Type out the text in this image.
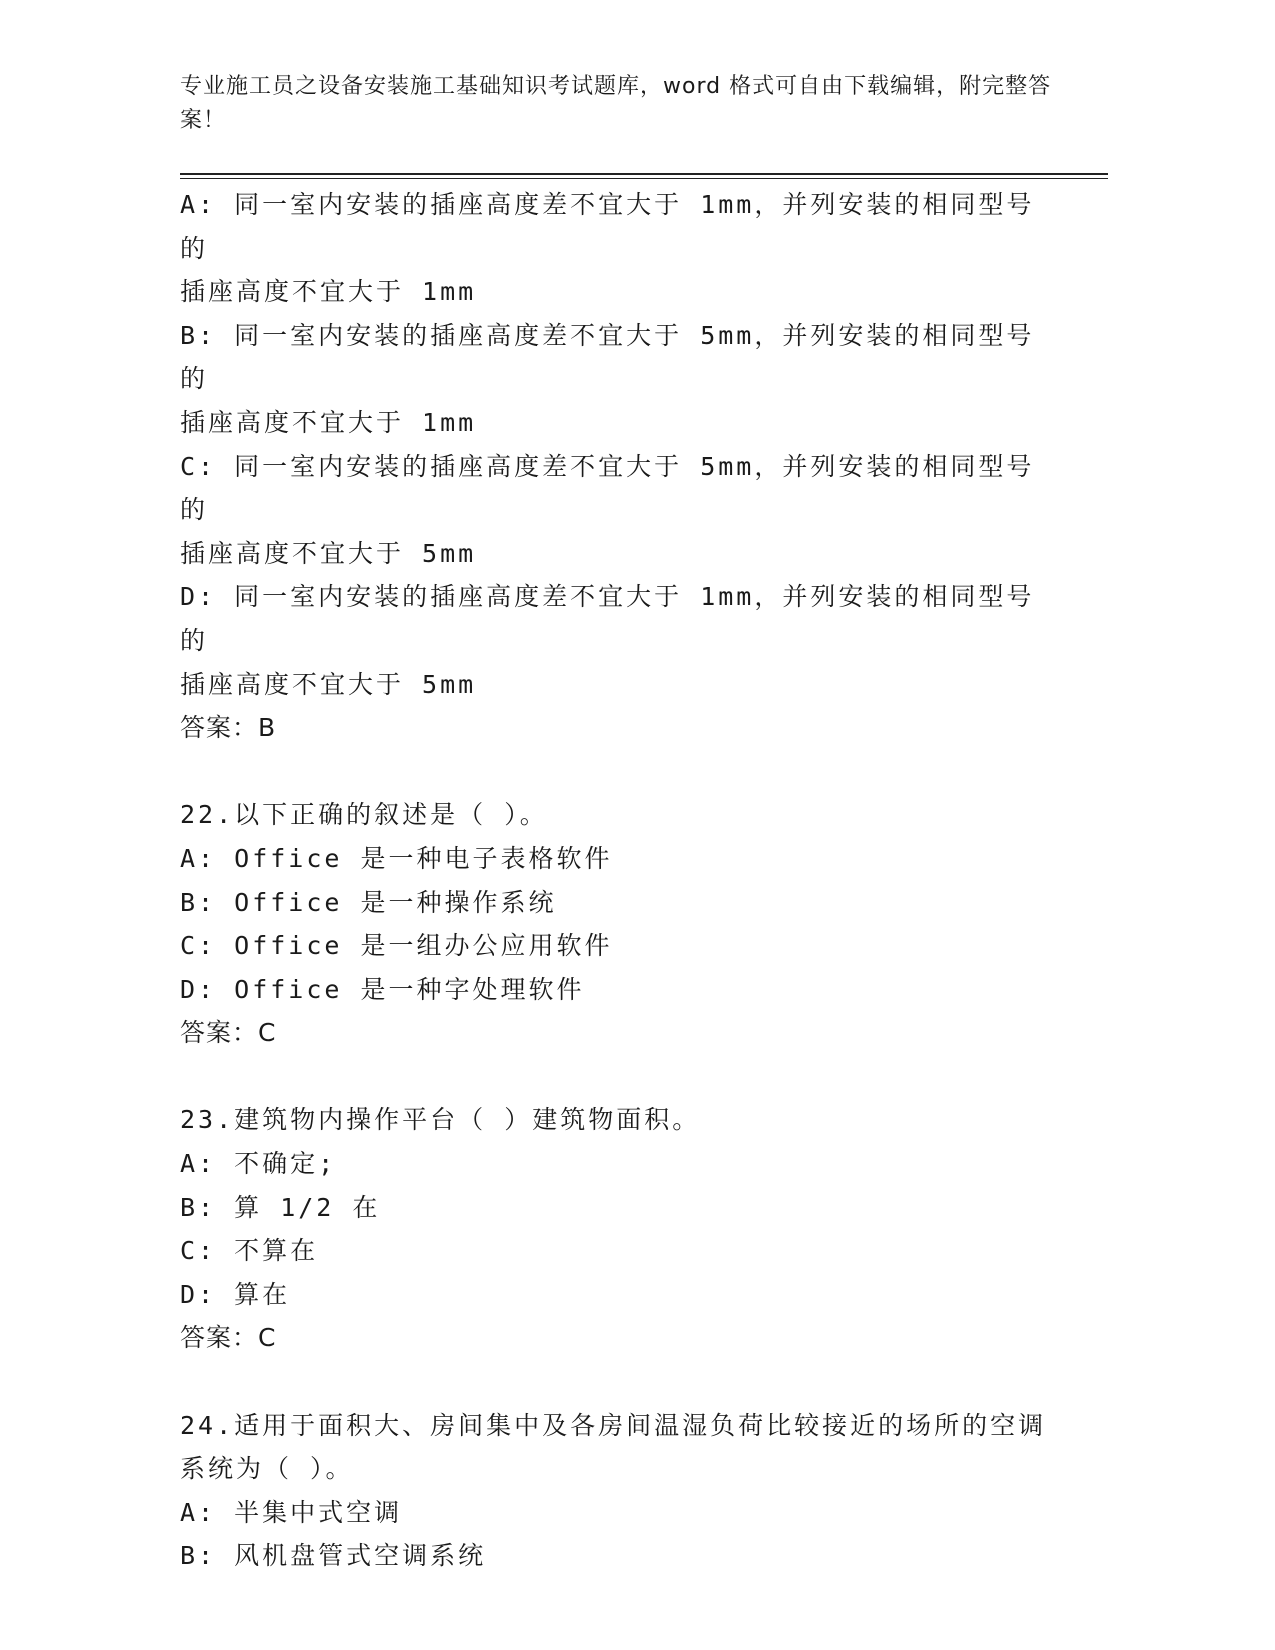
专业施工员之设备安装施工基础知识考试题库，word 格式可自由下载编辑，附完整答案！

A: 同一室内安装的插座高度差不宜大于 1mm，并列安装的相同型号的

插座高度不宜大于 1mm

B: 同一室内安装的插座高度差不宜大于 5mm，并列安装的相同型号的

插座高度不宜大于 1mm

C: 同一室内安装的插座高度差不宜大于 5mm，并列安装的相同型号的

插座高度不宜大于 5mm

D: 同一室内安装的插座高度差不宜大于 1mm，并列安装的相同型号的

插座高度不宜大于 5mm

答案：B

22.以下正确的叙述是（ ）。

A: Office 是一种电子表格软件

B: Office 是一种操作系统

C: Office 是一组办公应用软件

D: Office 是一种字处理软件

答案：C

23.建筑物内操作平台（ ）建筑物面积。

A: 不确定;

B: 算 1/2 在

C: 不算在

D: 算在

答案：C

24.适用于面积大、房间集中及各房间温湿负荷比较接近的场所的空调

系统为（ ）。

A: 半集中式空调

B: 风机盘管式空调系统
